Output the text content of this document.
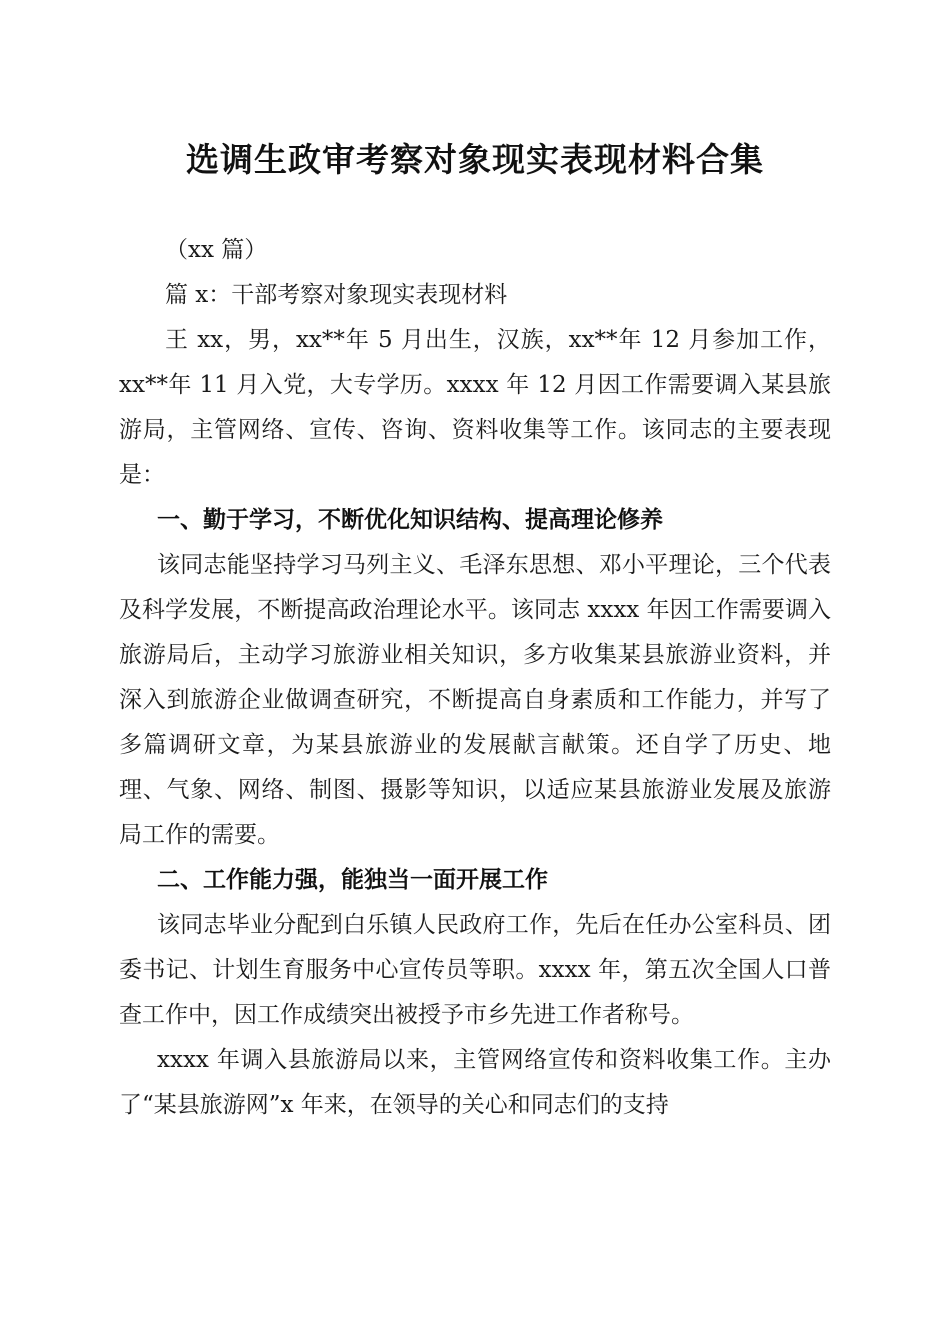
选调生政审考察对象现实表现材料合集

（xx 篇）

篇 x：干部考察对象现实表现材料

王 xx，男，xx**年 5 月出生，汉族，xx**年 12 月参加工作，xx**年 11 月入党，大专学历。xxxx 年 12 月因工作需要调入某县旅游局，主管网络、宣传、咨询、资料收集等工作。该同志的主要表现是：

一、勤于学习，不断优化知识结构、提高理论修养

该同志能坚持学习马列主义、毛泽东思想、邓小平理论，三个代表及科学发展，不断提高政治理论水平。该同志 xxxx 年因工作需要调入旅游局后，主动学习旅游业相关知识，多方收集某县旅游业资料，并深入到旅游企业做调查研究，不断提高自身素质和工作能力，并写了多篇调研文章，为某县旅游业的发展献言献策。还自学了历史、地理、气象、网络、制图、摄影等知识，以适应某县旅游业发展及旅游局工作的需要。

二、工作能力强，能独当一面开展工作

该同志毕业分配到白乐镇人民政府工作，先后在任办公室科员、团委书记、计划生育服务中心宣传员等职。xxxx 年，第五次全国人口普查工作中，因工作成绩突出被授予市乡先进工作者称号。

xxxx 年调入县旅游局以来，主管网络宣传和资料收集工作。主办了“某县旅游网”x 年来，在领导的关心和同志们的支持
